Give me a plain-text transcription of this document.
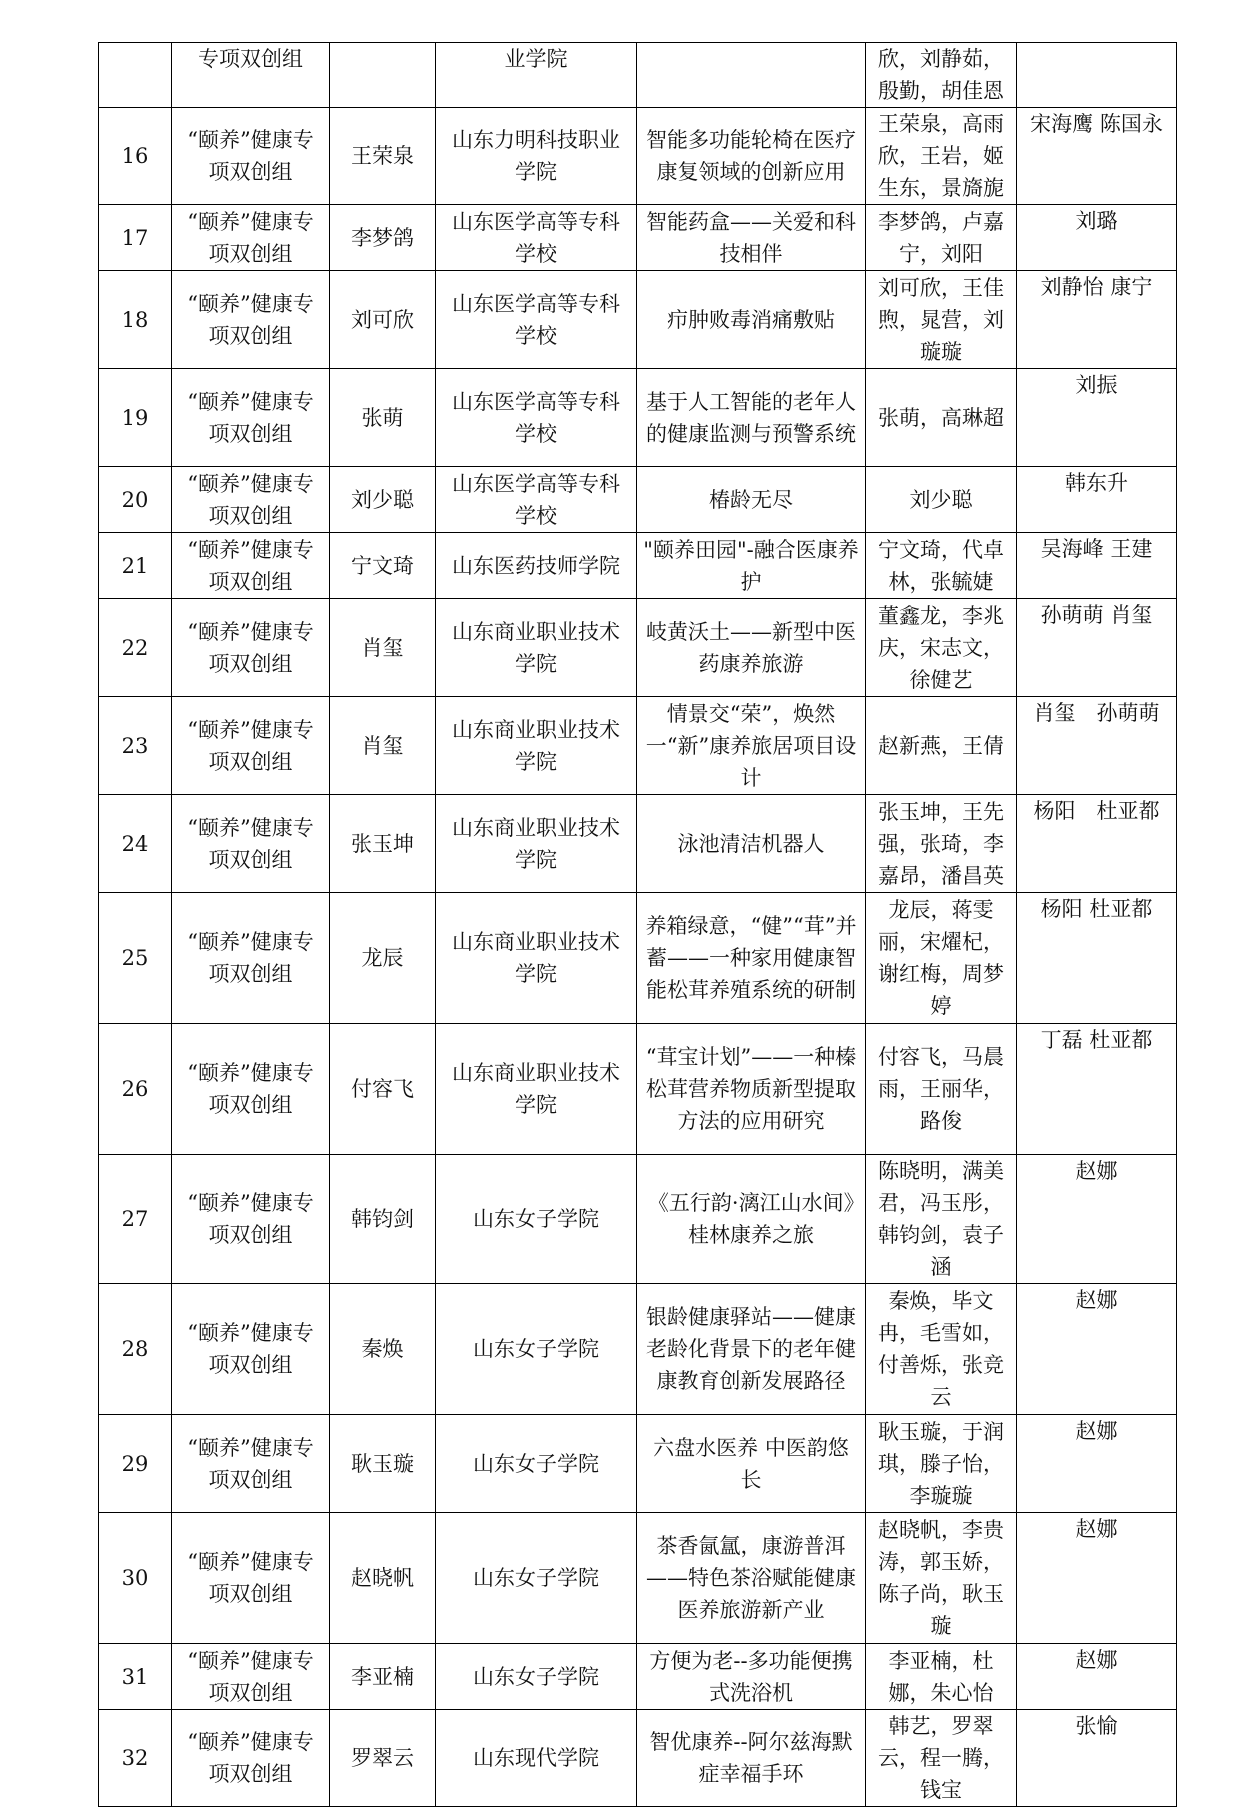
	专项双创组		业学院		欣，刘静茹，殷勤，胡佳恩	
16	“颐养”健康专项双创组	王荣泉	山东力明科技职业学院	智能多功能轮椅在医疗康复领域的创新应用	王荣泉，高雨欣，王岩，姬生东，景旖旎	宋海鹰 陈国永
17	“颐养”健康专项双创组	李梦鸽	山东医学高等专科学校	智能药盒——关爱和科技相伴	李梦鸽，卢嘉宁，刘阳	刘璐
18	“颐养”健康专项双创组	刘可欣	山东医学高等专科学校	疖肿败毒消痛敷贴	刘可欣，王佳煦，晁营，刘璇璇	刘静怡 康宁
19	“颐养”健康专项双创组	张萌	山东医学高等专科学校	基于人工智能的老年人的健康监测与预警系统	张萌，高琳超	刘振
20	“颐养”健康专项双创组	刘少聪	山东医学高等专科学校	椿龄无尽	刘少聪	韩东升
21	“颐养”健康专项双创组	宁文琦	山东医药技师学院	"颐养田园"-融合医康养护	宁文琦，代卓林，张毓婕	吴海峰 王建
22	“颐养”健康专项双创组	肖玺	山东商业职业技术学院	岐黄沃土——新型中医药康养旅游	董鑫龙，李兆庆，宋志文，徐健艺	孙萌萌 肖玺
23	“颐养”健康专项双创组	肖玺	山东商业职业技术学院	情景交“荣”，焕然一“新”康养旅居项目设计	赵新燕，王倩	肖玺　孙萌萌
24	“颐养”健康专项双创组	张玉坤	山东商业职业技术学院	泳池清洁机器人	张玉坤，王先强，张琦，李嘉昂，潘昌英	杨阳　杜亚都
25	“颐养”健康专项双创组	龙辰	山东商业职业技术学院	养箱绿意，“健”“茸”并蓄——一种家用健康智能松茸养殖系统的研制	龙辰，蒋雯丽，宋燿杞，谢红梅，周梦婷	杨阳 杜亚都
26	“颐养”健康专项双创组	付容飞	山东商业职业技术学院	“茸宝计划”——一种榛松茸营养物质新型提取方法的应用研究	付容飞，马晨雨，王丽华，路俊	丁磊 杜亚都
27	“颐养”健康专项双创组	韩钧剑	山东女子学院	《五行韵·漓江山水间》桂林康养之旅	陈晓明，满美君，冯玉彤，韩钧剑，袁子涵	赵娜
28	“颐养”健康专项双创组	秦焕	山东女子学院	银龄健康驿站——健康老龄化背景下的老年健康教育创新发展路径	秦焕，毕文冉，毛雪如，付善烁，张竞云	赵娜
29	“颐养”健康专项双创组	耿玉璇	山东女子学院	六盘水医养 中医韵悠长	耿玉璇，于润琪，滕子怡，李璇璇	赵娜
30	“颐养”健康专项双创组	赵晓帆	山东女子学院	茶香氤氲，康游普洱——特色茶浴赋能健康医养旅游新产业	赵晓帆，李贵涛，郭玉娇，陈子尚，耿玉璇	赵娜
31	“颐养”健康专项双创组	李亚楠	山东女子学院	方便为老--多功能便携式洗浴机	李亚楠，杜娜，朱心怡	赵娜
32	“颐养”健康专项双创组	罗翠云	山东现代学院	智优康养--阿尔兹海默症幸福手环	韩艺，罗翠云，程一腾，钱宝	张愉
